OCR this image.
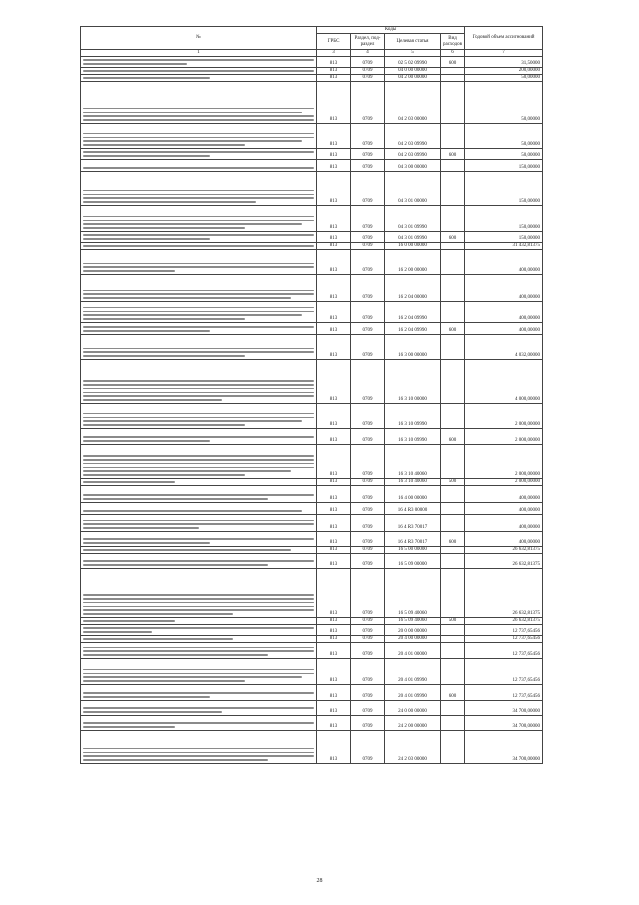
№	Коды				Годовой объем ассигнований
	ГРБС	Раздел, под-раздел	Целевая статья	Вид расходов	
1	3	4	5	6	7

	813	0709	02 5 02 09990	600	31,50000

	813	0709	04 0 00 00000		200,00000

	813	0709	04 2 00 00000		50,00000

	813	0709	04 2 03 00000		50,00000

	813	0709	04 2 03 09990		50,00000

	813	0709	04 2 03 09990	600	50,00000

	813	0709	04 3 00 00000		150,00000

	813	0709	04 3 01 00000		150,00000

	813	0709	04 3 01 09990		150,00000

	813	0709	04 3 01 09990	600	150,00000

	813	0709	16 0 00 00000		31 432,81375

	813	0709	16 2 00 00000		400,00000

	813	0709	16 2 04 00000		400,00000

	813	0709	16 2 04 09990		400,00000

	813	0709	16 2 04 09990	600	400,00000

	813	0709	16 3 00 00000		4 032,00000

	813	0709	16 3 10 00000		4 000,00000

	813	0709	16 3 10 09990		2 000,00000

	813	0709	16 3 10 09990	600	2 000,00000

	813	0709	16 3 10 40060		2 000,00000

	813	0709	16 3 10 40060	500	2 000,00000

	813	0709	16 4 00 00000		400,00000

	813	0709	16 4 R3 00000		400,00000

	813	0709	16 4 R3 70017		400,00000

	813	0709	16 4 R3 70017	600	400,00000

	813	0709	16 5 00 00000		26 632,81375

	813	0709	16 5 09 00000		26 632,81375

	813	0709	16 5 09 40060		26 632,81375

	813	0709	16 5 09 40060	500	26 632,81375

	813	0709	20 0 00 00000		12 737,65456

	813	0709	20 4 00 00000		12 737,65456

	813	0709	20 4 01 00000		12 737,65456

	813	0709	20 4 01 09990		12 737,65456

	813	0709	20 4 01 09990	600	12 737,65456

	813	0709	24 0 00 00000		34 700,00000

	813	0709	24 2 00 00000		34 700,00000

	813	0709	24 2 03 00000		34 700,00000
28
